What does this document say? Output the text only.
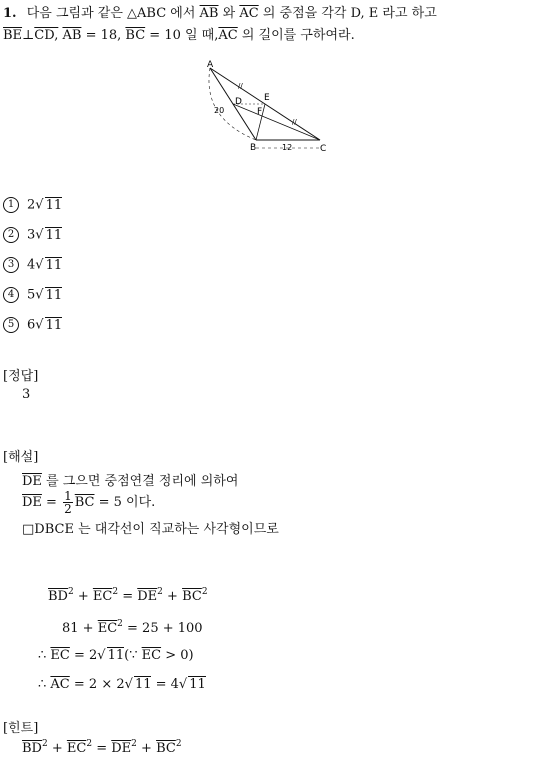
1. 다음 그림과 같은 △ABC 에서 $\overline{AB}$ 와 $\overline{AC}$ 의 중점을 각각 D, E 라고 하고
$\overline{BE}\perp CD$, $\overline{AB} = 18$, $\overline{BC} = 10$ 일 때$,\overline{AC}$ 의 길이를 구하여라.
//
//
A
B	C
D E
F
20
12
1 2√ 11
2 3√ 11
3 4√ 11
4 5√ 11
5 6√ 11
[정답]
3
[해설]
$\overline{DE}$ 를 그으면 중점연결 정리에 의하여
$\overline{DE} = \frac{1}{2} \overline{BC} = 5$ 이다.
□DBCE 는 대각선이 직교하는 사각형이므로
$\overline{BD}^2 + \overline{EC}^2 = \overline{DE}^2 + \overline{BC}^2$
$81 + \overline{EC}^2 = 25 + 100$
∴ $\overline{EC} = 2√$ 11(∵ $\overline{EC} > 0$)
∴ $\overline{AC} = 2 \times 2√$ 11 = 4√ 11
[힌트]
$\overline{BD}^2 + \overline{EC}^2 = \overline{DE}^2 + \overline{BC}^2$
